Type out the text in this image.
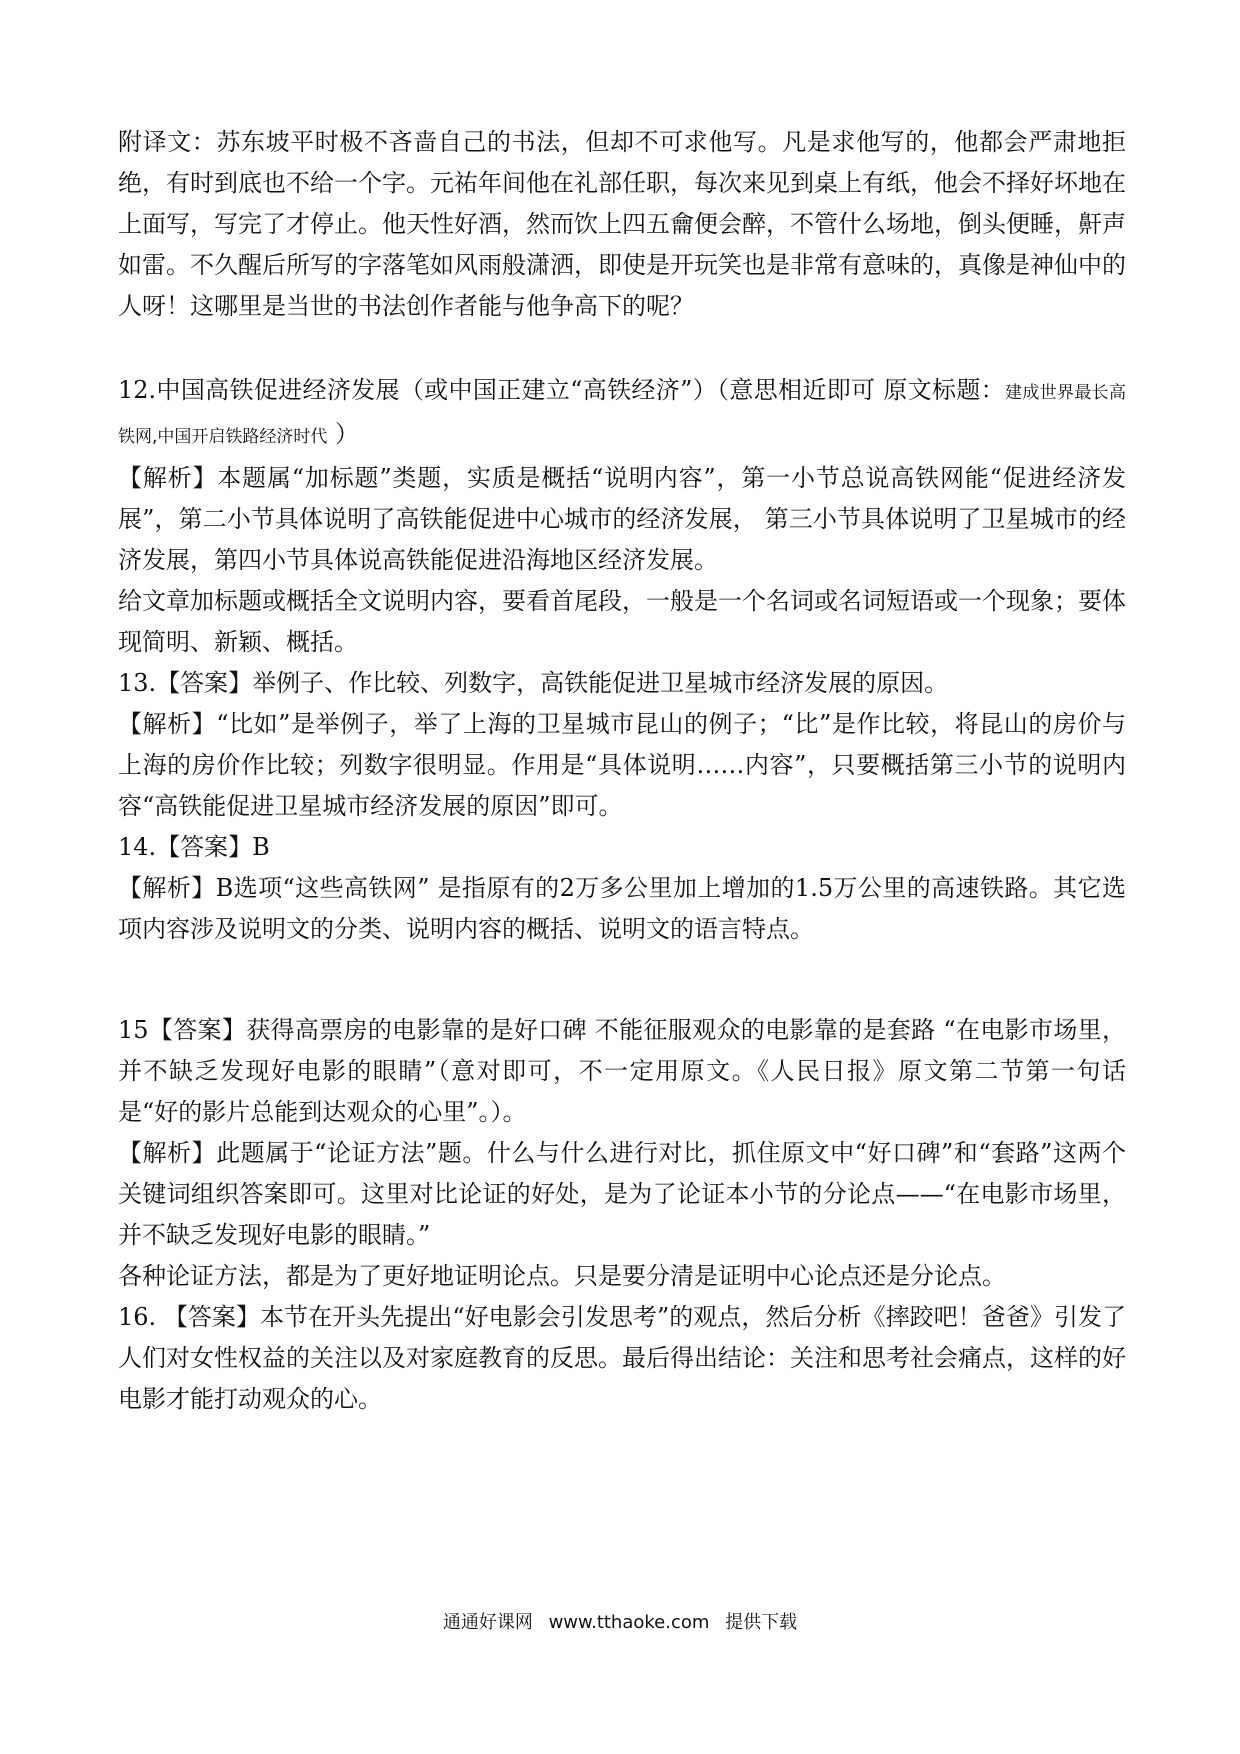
附译文：苏东坡平时极不吝啬自己的书法，但却不可求他写。凡是求他写的，他都会严肃地拒绝，有时到底也不给一个字。元祐年间他在礼部任职，每次来见到桌上有纸，他会不择好坏地在上面写，写完了才停止。他天性好酒，然而饮上四五龠便会醉，不管什么场地，倒头便睡，鼾声如雷。不久醒后所写的字落笔如风雨般潇洒，即使是开玩笑也是非常有意味的，真像是神仙中的人呀！这哪里是当世的书法创作者能与他争高下的呢？

12.中国高铁促进经济发展（或中国正建立“高铁经济”）（意思相近即可 原文标题：建成世界最长高铁网,中国开启铁路经济时代 ）

【解析】本题属“加标题”类题，实质是概括“说明内容”，第一小节总说高铁网能“促进经济发展”，第二小节具体说明了高铁能促进中心城市的经济发展， 第三小节具体说明了卫星城市的经济发展，第四小节具体说高铁能促进沿海地区经济发展。

给文章加标题或概括全文说明内容，要看首尾段，一般是一个名词或名词短语或一个现象；要体现简明、新颖、概括。

13.【答案】举例子、作比较、列数字，高铁能促进卫星城市经济发展的原因。

【解析】“比如”是举例子，举了上海的卫星城市昆山的例子；“比”是作比较，将昆山的房价与上海的房价作比较；列数字很明显。作用是“具体说明……内容”，只要概括第三小节的说明内容“高铁能促进卫星城市经济发展的原因”即可。

14.【答案】B

【解析】B选项“这些高铁网” 是指原有的2万多公里加上增加的1.5万公里的高速铁路。其它选项内容涉及说明文的分类、说明内容的概括、说明文的语言特点。

15【答案】获得高票房的电影靠的是好口碑 不能征服观众的电影靠的是套路 “在电影市场里，并不缺乏发现好电影的眼睛”（意对即可，不一定用原文。《人民日报》原文第二节第一句话是“好的影片总能到达观众的心里”。）。

【解析】此题属于“论证方法”题。什么与什么进行对比，抓住原文中“好口碑”和“套路”这两个关键词组织答案即可。这里对比论证的好处，是为了论证本小节的分论点——“在电影市场里，并不缺乏发现好电影的眼睛。”

各种论证方法，都是为了更好地证明论点。只是要分清是证明中心论点还是分论点。

16. 【答案】本节在开头先提出“好电影会引发思考”的观点，然后分析《摔跤吧！爸爸》引发了人们对女性权益的关注以及对家庭教育的反思。最后得出结论：关注和思考社会痛点，这样的好电影才能打动观众的心。

通通好课网 www.tthaoke.com 提供下载
